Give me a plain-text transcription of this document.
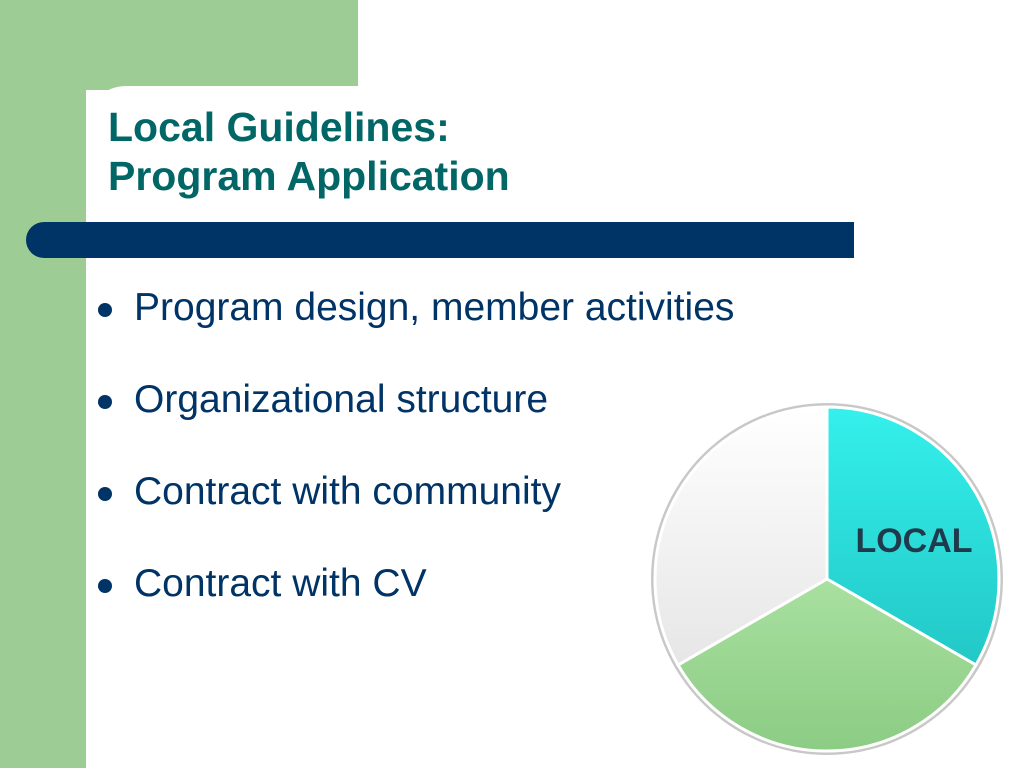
Local Guidelines:
Program Application
Program design, member activities
Organizational structure
Contract with community
Contract with CV
LOCAL
